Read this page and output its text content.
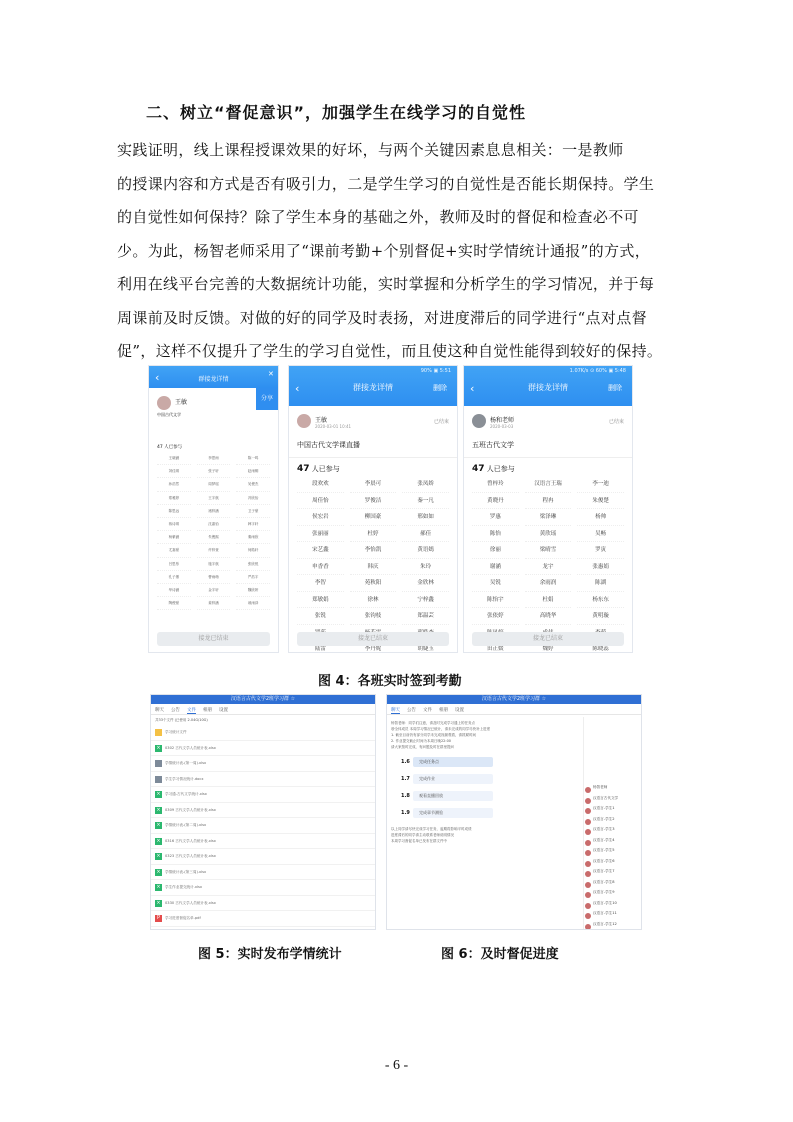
二、树立“督促意识”，加强学生在线学习的自觉性
实践证明，线上课程授课效果的好坏，与两个关键因素息息相关：一是教师
的授课内容和方式是否有吸引力，二是学生学习的自觉性是否能长期保持。学生
的自觉性如何保持？除了学生本身的基础之外，教师及时的督促和检查必不可
少。为此，杨智老师采用了“课前考勤+个别督促+实时学情统计通报”的方式，
利用在线平台完善的大数据统计功能，实时掌握和分析学生的学习情况，并于每
周课前及时反馈。对做的好的同学及时表扬，对进度滞后的同学进行“点对点督
促”，这样不仅提升了学生的学习自觉性，而且使这种自觉性能得到较好的保持。
‹	群接龙详情
✕
分享
王敏
中国古代文学
47 人已参与
王晓涵	李思雨	陈一鸣
刘佳琪	张子轩	赵雨桐
孙浩然	周梦瑶	吴俊杰
郑雅婷	王宇航	冯欣怡
陈思远	褚梓涵	卫子豪
蒋诗琪	沈嘉怡	韩宇轩
杨紫涵	朱俊熙	秦雨欣
尤嘉豪	许梓萱	何皓轩
吕思彤	施宇航	张欣悦
孔子墨	曹雨萌	严浩宇
华诗涵	金宇轩	魏欣妍
陶俊豪	姜梓涵	戚雨泽
接龙已结束
90% ▣ 5:51
‹	群接龙详情	删除
王敏
2020-03-01 10:41
已结束
中国古代文学课直播
47 人已参与
段欢欢	李晨可	张凤娇
周佳怡	罗俊洁	秦一凡
侯宏岩	柳国豪	邢如如
张丽丽	杜婷	郝佳
宋艺鑫	李怡凯	黄语嫣
申香香	韩庆	朱玲
李智	苑秋阳	金欣林
郑敏娟	徐林	宁梓鑫
张锐	张钧枝	郑温芸
陆雷	李丹妮	胡婕玉
接龙已结束
1.07K/s ⊙ 60% ▣ 5:48
‹	群接龙详情	删除
杨和老师
2020-03-03
已结束
五班古代文学
47 人已参与
曾梓玲	汉语言王瑞	李一迪
黄晓丹	程冉	朱俊楚
罗惠	梁泽琳	杨帅
陈怡	黄欣瑶	吴畅
徐丽	梁晴雪	罗寅
谢涵	龙宇	张惠娟
吴锐	余雨润	陈湖
陈怡宇	杜娟	杨东东
张依婷	高晓华	黄明璇
田正媛	魏婷	陈晓蕊
接龙已结束
图 4：各班实时签到考勤
汉语言古代文学2班学习群 ☆
聊天 公告 文件 相册 设置
共33个文件 (已使用 2.04G/10G)
学习统计文件
×	0302 古代文学人员统计表.xlsx
学情统计表-(第一周).xlsx
学生学习情况统计.docx
×	学习通-古代文学统计.xlsx
×	0309 古代文学人员统计表.xlsx
×	学情统计表-(第二周).xlsx
×	0316 古代文学人员统计表.xlsx
×	0323 古代文学人员统计表.xlsx
×	学情统计表-(第三周).xlsx
×	学生作业提交统计.xlsx
×	0330 古代文学人员统计表.xlsx
P	学习进度督促名单.pdf
图 5：实时发布学情统计
汉语言古代文学2班学习群 ☆
聊天 公告 文件 相册 设置
杨智老师：同学们注意，请及时完成学习通上的任务点
@全体成员 本周学习情况已统计，请未完成的同学尽快补上进度
1. 截至目前仍有部分同学未完成视频观看，请抓紧时间
2. 作业提交截止时间为本周日晚22:00
请大家按时完成，有问题及时在群里提问
1.6	完成任务点
1.7	完成作业
1.8	观看直播回放
1.9	完成章节测验
以上同学请尽快完成学习任务，逾期将影响平时成绩
进度滞后的同学请主动联系老师说明情况
本周学习督促名单已发布在群文件中
杨智老师
汉语言古代文学
汉语言-学生1
汉语言-学生2
汉语言-学生3
汉语言-学生4
汉语言-学生5
汉语言-学生6
汉语言-学生7
汉语言-学生8
汉语言-学生9
汉语言-学生10
汉语言-学生11
汉语言-学生12
图 6：及时督促进度
- 6 -
